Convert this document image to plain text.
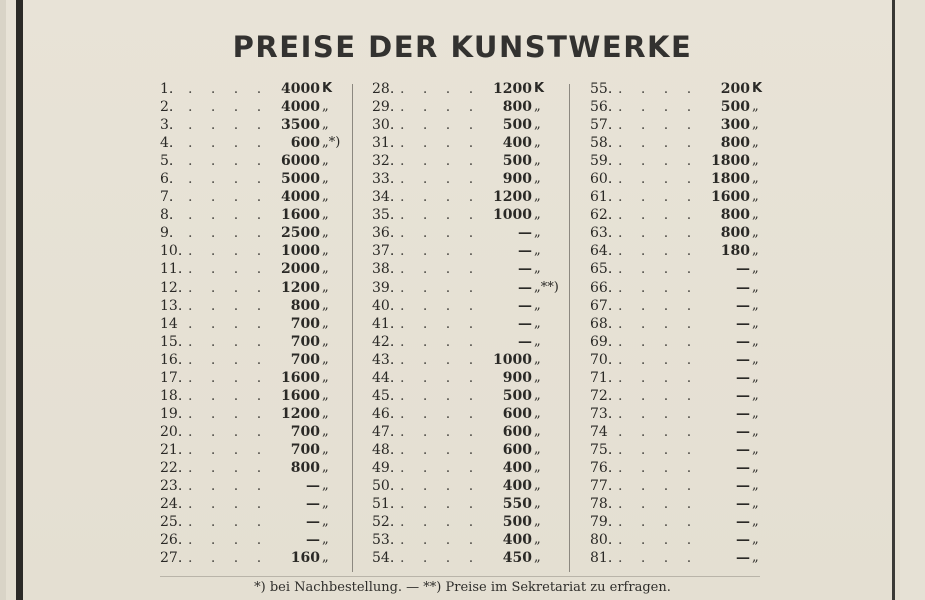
PREISE DER KUNSTWERKE
1. . . . . 4000 K
2. . . . . 4000 „
3. . . . . 3500 „
4. . . . . 600 „*)
5. . . . . 6000 „
6. . . . . 5000 „
7. . . . . 4000 „
8. . . . . 1600 „
9. . . . . 2500 „
10. . . . . 1000 „
11. . . . . 2000 „
12. . . . . 1200 „
13. . . . . 800 „
14 . . . . 700 „
15. . . . . 700 „
16. . . . . 700 „
17. . . . . 1600 „
18. . . . . 1600 „
19. . . . . 1200 „
20. . . . . 700 „
21. . . . . 700 „
22. . . . . 800 „
23. . . . .	— „
24. . . . .	— „
25. . . . .	— „
26. . . . .	— „
27. . . . . 160 „
28. . . . . 1200 K
29. . . . . 800 „
30. . . . . 500 „
31. . . . . 400 „
32. . . . . 500 „
33. . . . . 900 „
34. . . . . 1200 „
35. . . . . 1000 „
36. . . . .	— „
37. . . . .	— „
38. . . . .	— „
39. . . . .	— „**)
40. . . . .	— „
41. . . . .	— „
42. . . . .	— „
43. . . . . 1000 „
44. . . . . 900 „
45. . . . . 500 „
46. . . . . 600 „
47. . . . . 600 „
48. . . . . 600 „
49. . . . . 400 „
50. . . . . 400 „
51. . . . . 550 „
52. . . . . 500 „
53. . . . . 400 „
54. . . . . 450 „
55. . . . . 200 K
56. . . . . 500 „
57. . . . . 300 „
58. . . . . 800 „
59. . . . . 1800 „
60. . . . . 1800 „
61. . . . . 1600 „
62. . . . . 800 „
63. . . . . 800 „
64. . . . . 180 „
65. . . . .	— „
66. . . . .	— „
67. . . . .	— „
68. . . . .	— „
69. . . . .	— „
70. . . . .	— „
71. . . . .	— „
72. . . . .	— „
73. . . . .	— „
74 . . . .	— „
75. . . . .	— „
76. . . . .	— „
77. . . . .	— „
78. . . . .	— „
79. . . . .	— „
80. . . . .	— „
81. . . . .	— „
*) bei Nachbestellung. — **) Preise im Sekretariat zu erfragen.
